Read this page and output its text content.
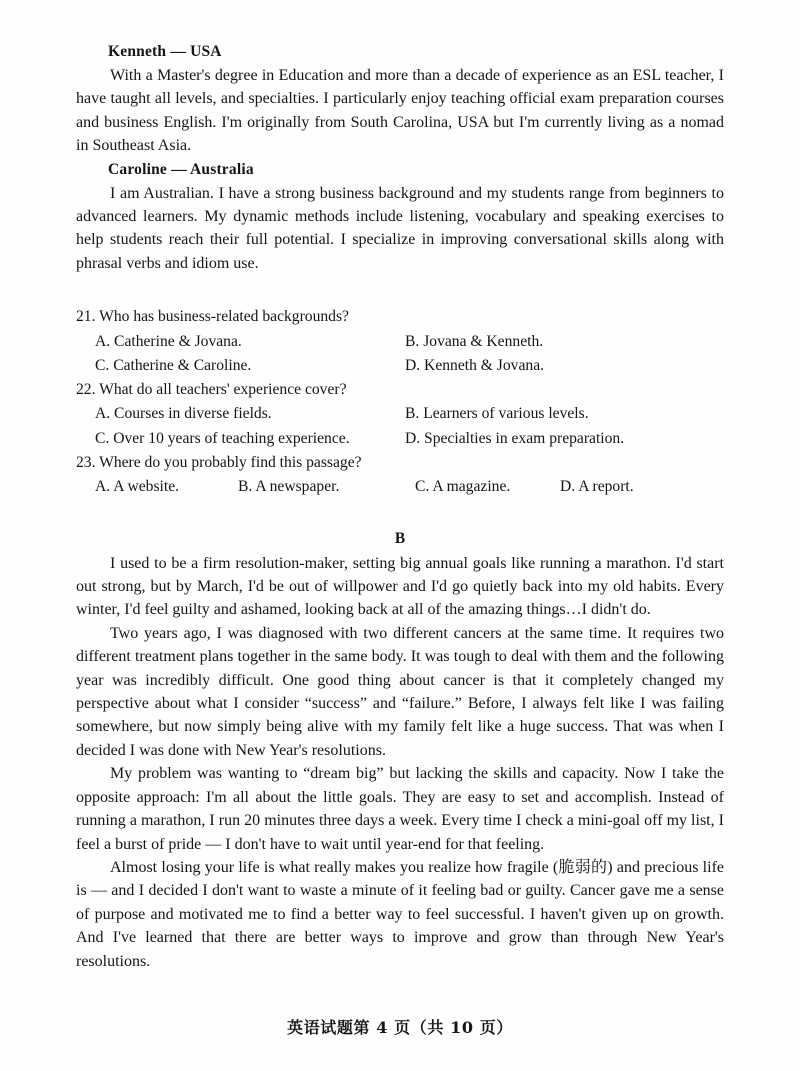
Kenneth — USA

With a Master's degree in Education and more than a decade of experience as an ESL teacher, I have taught all levels, and specialties. I particularly enjoy teaching official exam preparation courses and business English. I'm originally from South Carolina, USA but I'm currently living as a nomad in Southeast Asia.

Caroline — Australia

I am Australian. I have a strong business background and my students range from beginners to advanced learners. My dynamic methods include listening, vocabulary and speaking exercises to help students reach their full potential. I specialize in improving conversational skills along with phrasal verbs and idiom use.

21. Who has business-related backgrounds?

A. Catherine & Jovana.	B. Jovana & Kenneth.
C. Catherine & Caroline.	D. Kenneth & Jovana.

22. What do all teachers' experience cover?

A. Courses in diverse fields.	B. Learners of various levels.
C. Over 10 years of teaching experience.	D. Specialties in exam preparation.

23. Where do you probably find this passage?

A. A website.	B. A newspaper.	C. A magazine.	D. A report.
B

I used to be a firm resolution-maker, setting big annual goals like running a marathon. I'd start out strong, but by March, I'd be out of willpower and I'd go quietly back into my old habits. Every winter, I'd feel guilty and ashamed, looking back at all of the amazing things…I didn't do.

Two years ago, I was diagnosed with two different cancers at the same time. It requires two different treatment plans together in the same body. It was tough to deal with them and the following year was incredibly difficult. One good thing about cancer is that it completely changed my perspective about what I consider “success” and “failure.” Before, I always felt like I was failing somewhere, but now simply being alive with my family felt like a huge success. That was when I decided I was done with New Year's resolutions.

My problem was wanting to “dream big” but lacking the skills and capacity. Now I take the opposite approach: I'm all about the little goals. They are easy to set and accomplish. Instead of running a marathon, I run 20 minutes three days a week. Every time I check a mini-goal off my list, I feel a burst of pride — I don't have to wait until year-end for that feeling.

Almost losing your life is what really makes you realize how fragile (脆弱的) and precious life is — and I decided I don't want to waste a minute of it feeling bad or guilty. Cancer gave me a sense of purpose and motivated me to find a better way to feel successful. I haven't given up on growth. And I've learned that there are better ways to improve and grow than through New Year's resolutions.

英语试题第 4 页（共 10 页）
